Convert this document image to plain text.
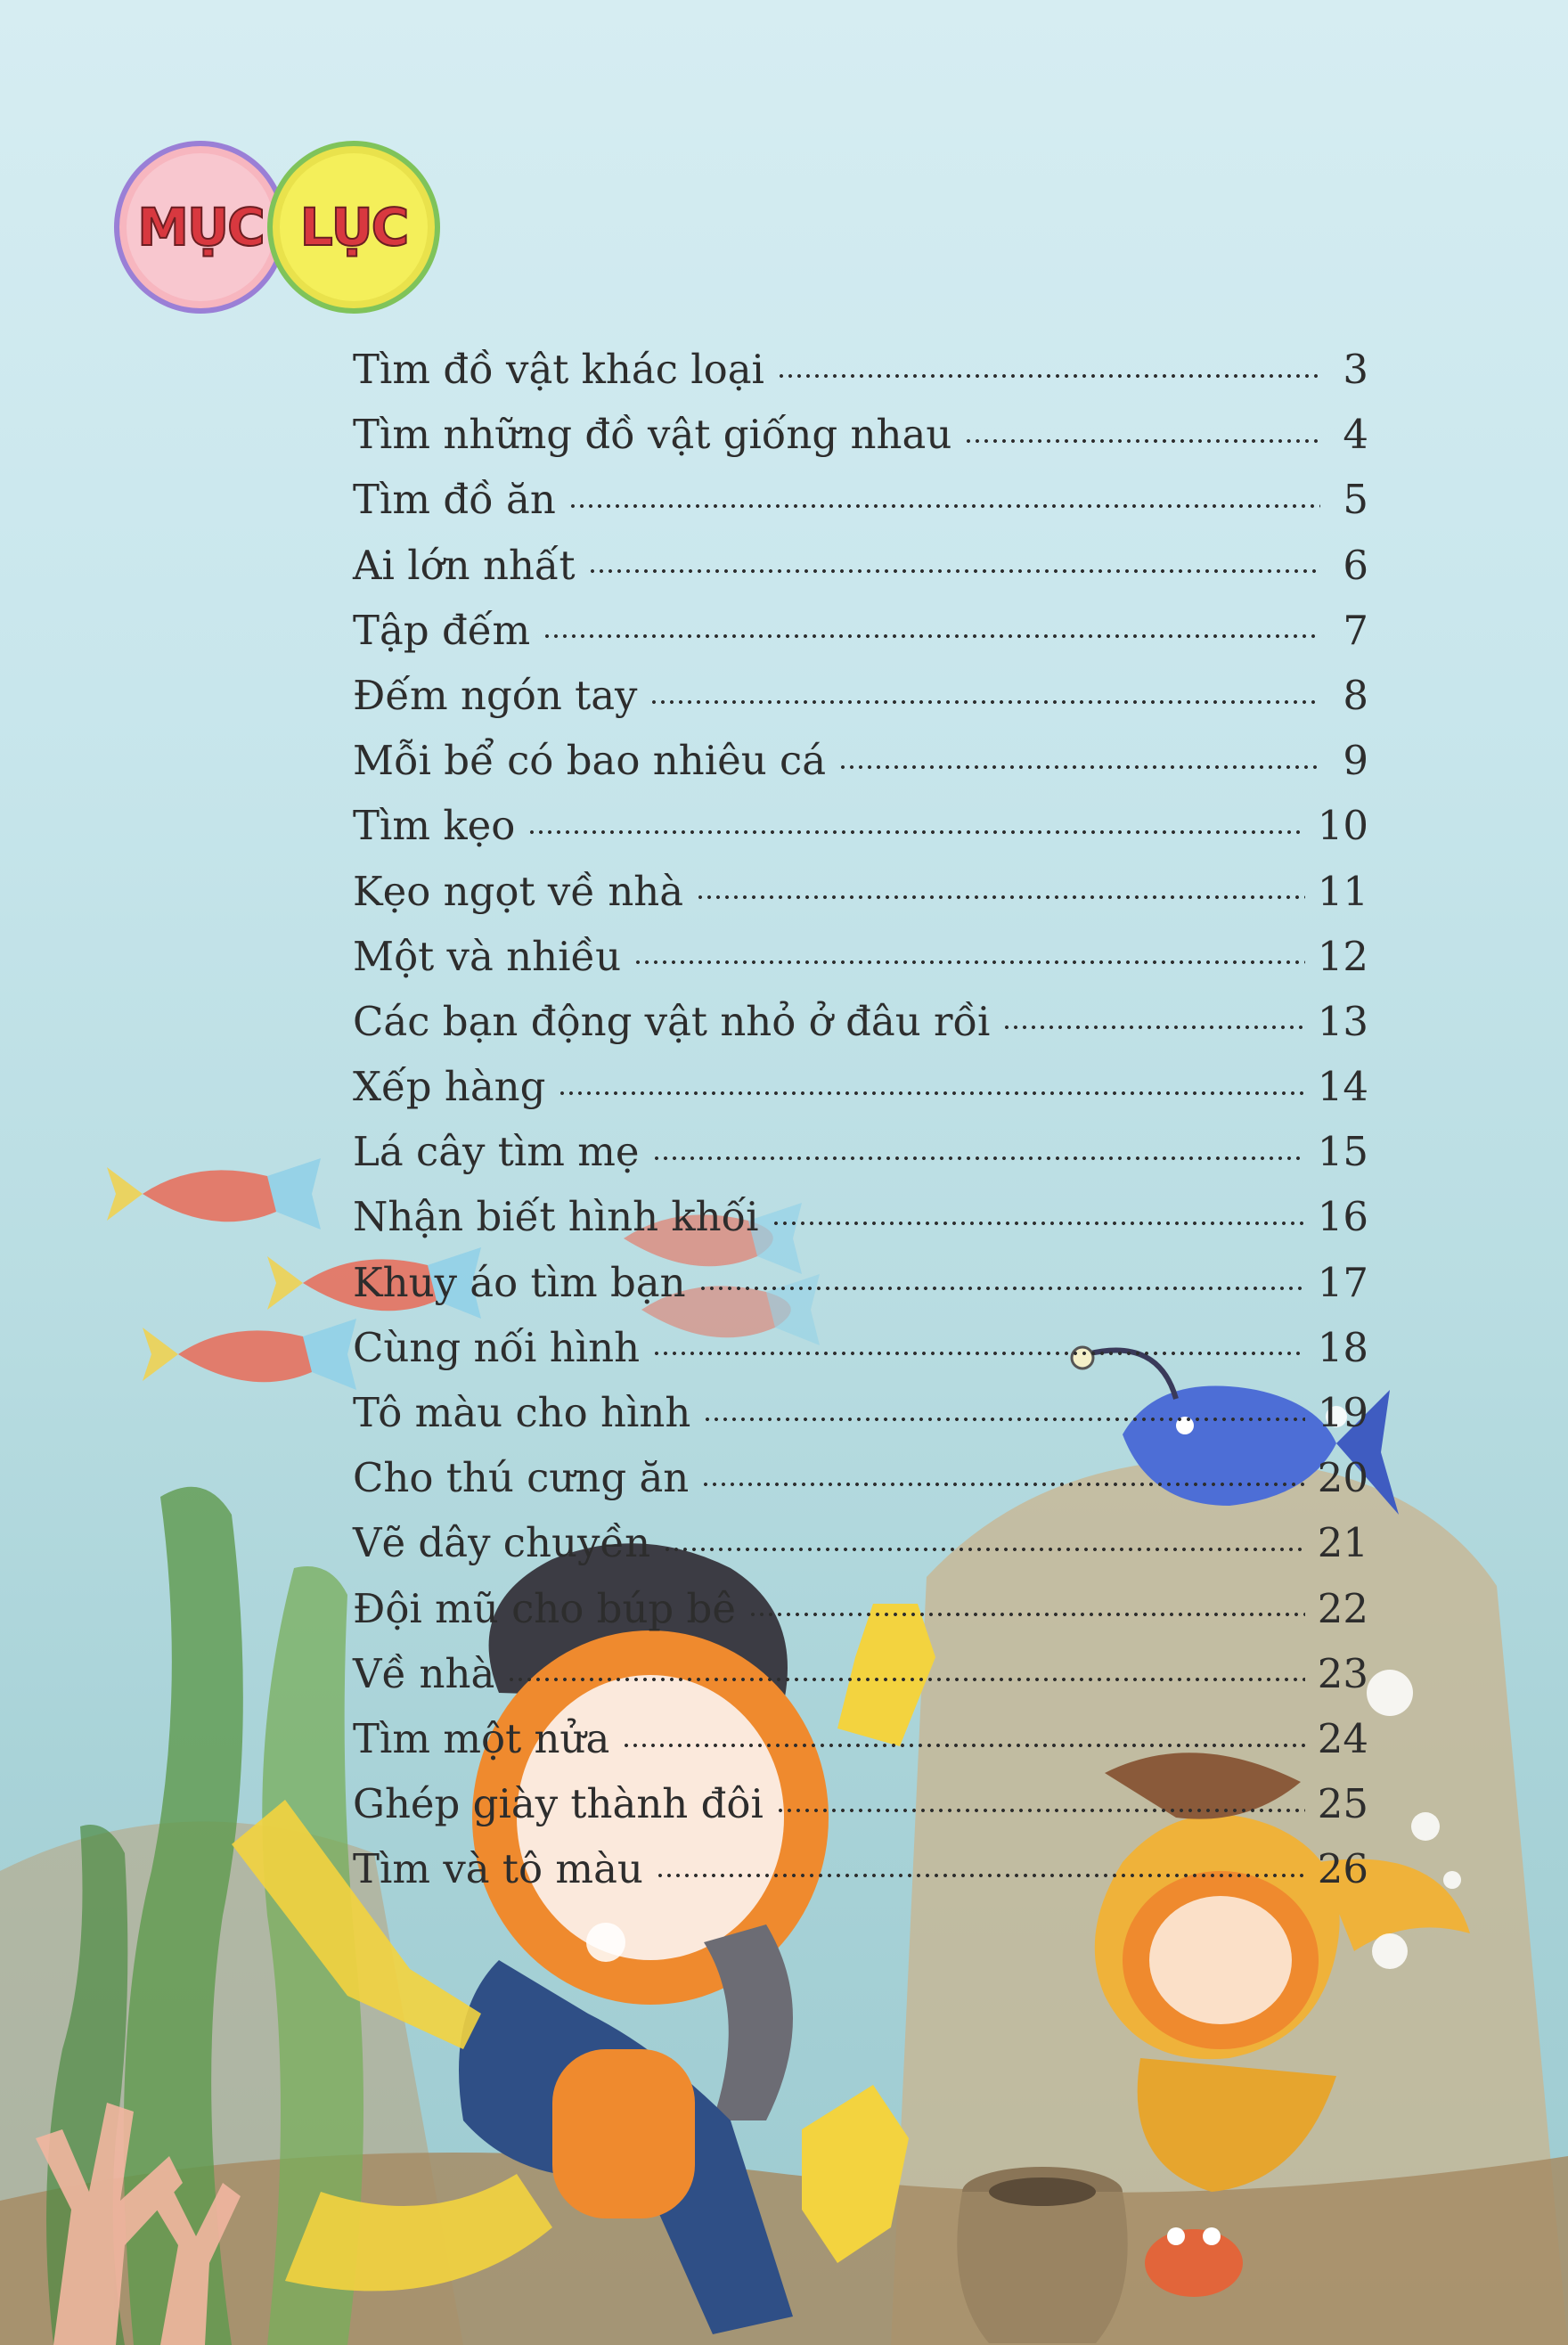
MỤC LỤC
Tìm đồ vật khác loại	3
Tìm những đồ vật giống nhau	4
Tìm đồ ăn	5
Ai lớn nhất	6
Tập đếm	7
Đếm ngón tay	8
Mỗi bể có bao nhiêu cá	9
Tìm kẹo	10
Kẹo ngọt về nhà	11
Một và nhiều	12
Các bạn động vật nhỏ ở đâu rồi	13
Xếp hàng	14
Lá cây tìm mẹ	15
Nhận biết hình khối	16
Khuy áo tìm bạn	17
Cùng nối hình	18
Tô màu cho hình	19
Cho thú cưng ăn	20
Vẽ dây chuyền	21
Đội mũ cho búp bê	22
Về nhà	23
Tìm một nửa	24
Ghép giày thành đôi	25
Tìm và tô màu	26
